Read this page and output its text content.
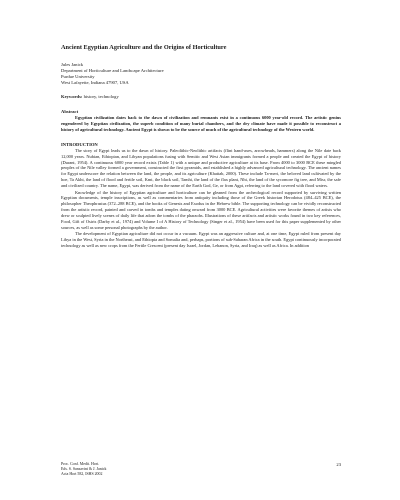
Ancient Egyptian Agriculture and the Origins of Horticulture
Jules Janick
Department of Horticulture and Landscape Architecture
Purdue University
West Lafayette, Indiana 47907, USA
Keywords: history, technology
Abstract

Egyptian civilization dates back to the dawn of civilization and remnants exist in a continuous 6000 year-old record. The artistic genius engendered by Egyptian civilization, the superb condition of many burial chambers, and the dry climate have made it possible to reconstruct a history of agricultural technology. Ancient Egypt is shown to be the source of much of the agricultural technology of the Western world.

INTRODUCTION

The story of Egypt leads us to the dawn of history. Paleolithic-Neolithic artifacts (flint hand-axes, arrowheads, hammers) along the Nile date back 12,000 years. Nubian, Ethiopian, and Libyan populations fusing with Semitic and West Asian immigrants formed a people and created the Egypt of history (Durant, 1954). A continuous 6000 year record exists (Table 1) with a unique and productive agriculture at its base. From 4000 to 3000 BCE these mingled peoples of the Nile valley formed a government, constructed the first pyramids, and established a highly advanced agricultural technology. The ancient names for Egypt underscore the relation between the land, the people, and its agriculture (Khattab, 2000). These include Ta-meri, the beloved land cultivated by the hoe, Ta Akht, the land of flood and fertile soil, Kmt, the black soil, Tamhi, the land of the flax plant, Nht, the land of the sycomore fig tree, and Misr, the safe and civilized country. The name, Egypt, was derived from the name of the Earth God, Ge, or from Agpt, referring to the land covered with flood waters.

Knowledge of the history of Egyptian agriculture and horticulture can be gleaned from the archeological record supported by surviving written Egyptian documents, temple inscriptions, as well as commentaries from antiquity including those of the Greek historian Herodotus (484–425 BCE), the philosopher Theophrastus (372–288 BCE), and the books of Genesis and Exodus in the Hebrew bible. The supporting technology can be vividly reconstructed from the artistic record, painted and carved in tombs and temples dating onward from 3000 BCE. Agricultural activities were favorite themes of artists who drew or sculpted lively scenes of daily life that adorn the tombs of the pharaohs. Illustrations of these artifacts and artistic works found in two key references, Food, Gift of Osiris (Darby et al., 1974) and Volume I of A History of Technology (Singer et al., 1954) have been used for this paper supplemented by other sources, as well as some personal photographs by the author.

The development of Egyptian agriculture did not occur in a vacuum. Egypt was an aggressive culture and, at one time, Egypt ruled from present day Libya in the West, Syria in the Northeast, and Ethiopia and Somalia and, perhaps, portions of sub-Saharan Africa in the south. Egypt continuously incorporated technology as well as new crops from the Fertile Crescent (present day Israel, Jordan, Lebanon, Syria, and Iraq) as well as Africa. In addition

Proc. Conf. Medit. Hort.
Eds. S. Sansavini & J. Janick
Acta Hort 582, ISHS 2002
23
